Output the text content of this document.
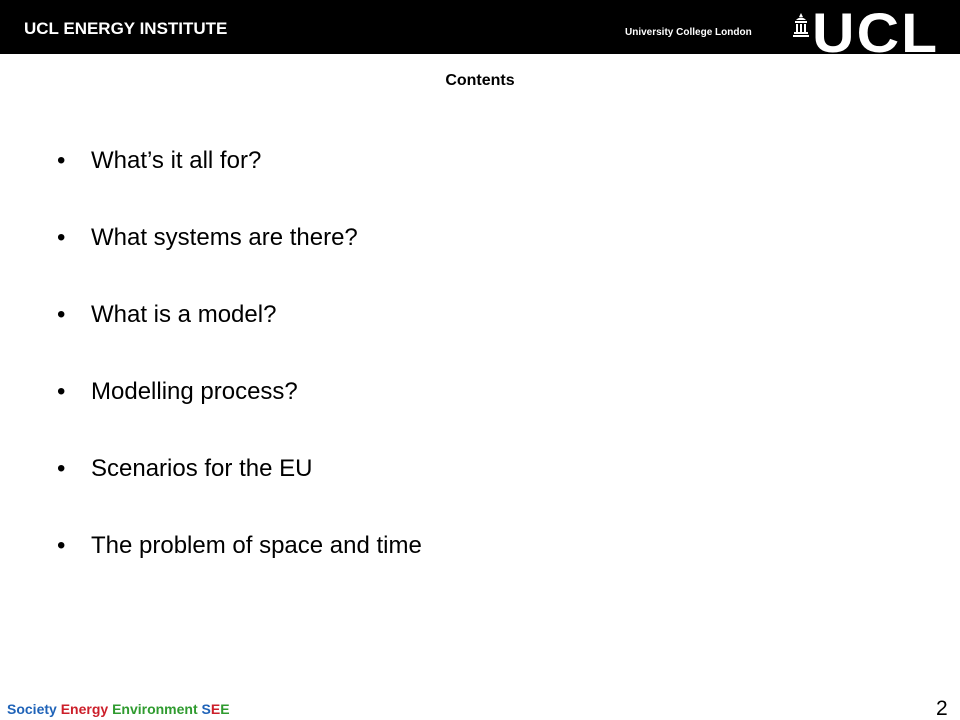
UCL ENERGY INSTITUTE	University College London UCL
Contents
•	What’s it all for?
•	What systems are there?
•	What is a model?
•	Modelling process?
•	Scenarios for the EU
•	The problem of space and time
Society Energy Environment SEE	2
